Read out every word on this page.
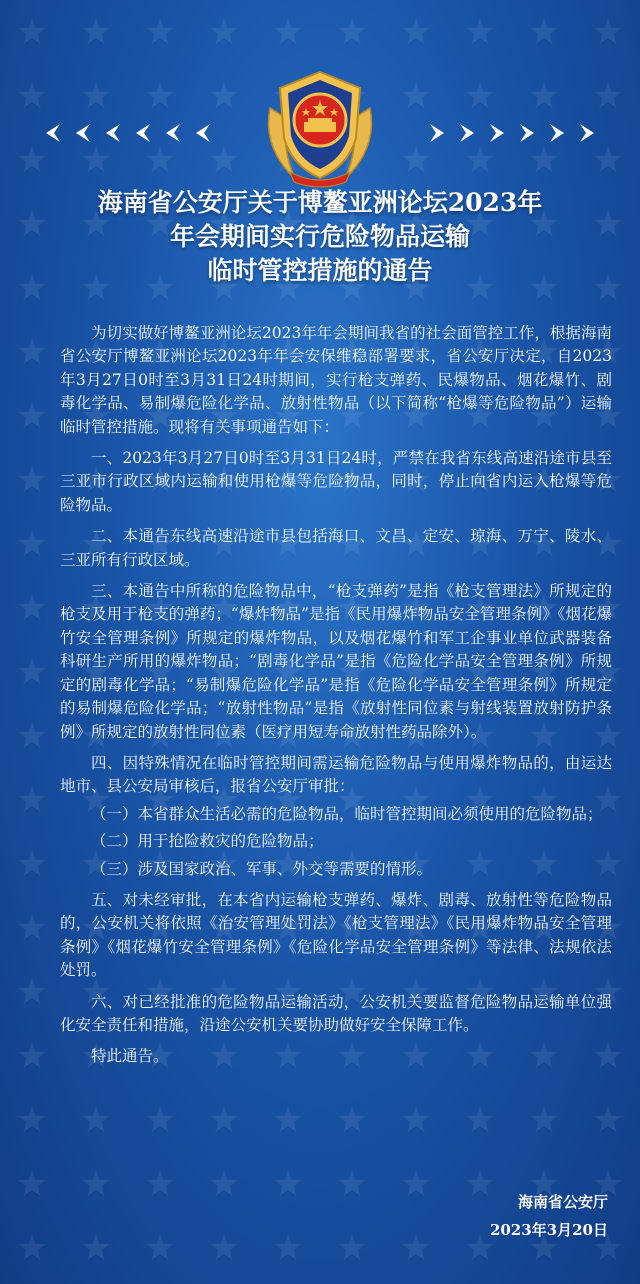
海南省公安厅关于博鳌亚洲论坛2023年
年会期间实行危险物品运输
临时管控措施的通告

为切实做好博鳌亚洲论坛2023年年会期间我省的社会面管控工作，根据海南省公安厅博鳌亚洲论坛2023年年会安保维稳部署要求，省公安厅决定，自2023年3月27日0时至3月31日24时期间，实行枪支弹药、民爆物品、烟花爆竹、剧毒化学品、易制爆危险化学品、放射性物品（以下简称“枪爆等危险物品”）运输临时管控措施。现将有关事项通告如下：

一、2023年3月27日0时至3月31日24时，严禁在我省东线高速沿途市县至三亚市行政区域内运输和使用枪爆等危险物品，同时，停止向省内运入枪爆等危险物品。

二、本通告东线高速沿途市县包括海口、文昌、定安、琼海、万宁、陵水、三亚所有行政区域。

三、本通告中所称的危险物品中，“枪支弹药”是指《枪支管理法》所规定的枪支及用于枪支的弹药；“爆炸物品”是指《民用爆炸物品安全管理条例》《烟花爆竹安全管理条例》所规定的爆炸物品，以及烟花爆竹和军工企事业单位武器装备科研生产所用的爆炸物品；“剧毒化学品”是指《危险化学品安全管理条例》所规定的剧毒化学品；“易制爆危险化学品”是指《危险化学品安全管理条例》所规定的易制爆危险化学品；“放射性物品”是指《放射性同位素与射线装置放射防护条例》所规定的放射性同位素（医疗用短寿命放射性药品除外）。

四、因特殊情况在临时管控期间需运输危险物品与使用爆炸物品的，由运达地市、县公安局审核后，报省公安厅审批：

（一）本省群众生活必需的危险物品，临时管控期间必须使用的危险物品；

（二）用于抢险救灾的危险物品；

（三）涉及国家政治、军事、外交等需要的情形。

五、对未经审批，在本省内运输枪支弹药、爆炸、剧毒、放射性等危险物品的，公安机关将依照《治安管理处罚法》《枪支管理法》《民用爆炸物品安全管理条例》《烟花爆竹安全管理条例》《危险化学品安全管理条例》等法律、法规依法处罚。

六、对已经批准的危险物品运输活动，公安机关要监督危险物品运输单位强化安全责任和措施，沿途公安机关要协助做好安全保障工作。

特此通告。

海南省公安厅
2023年3月20日
